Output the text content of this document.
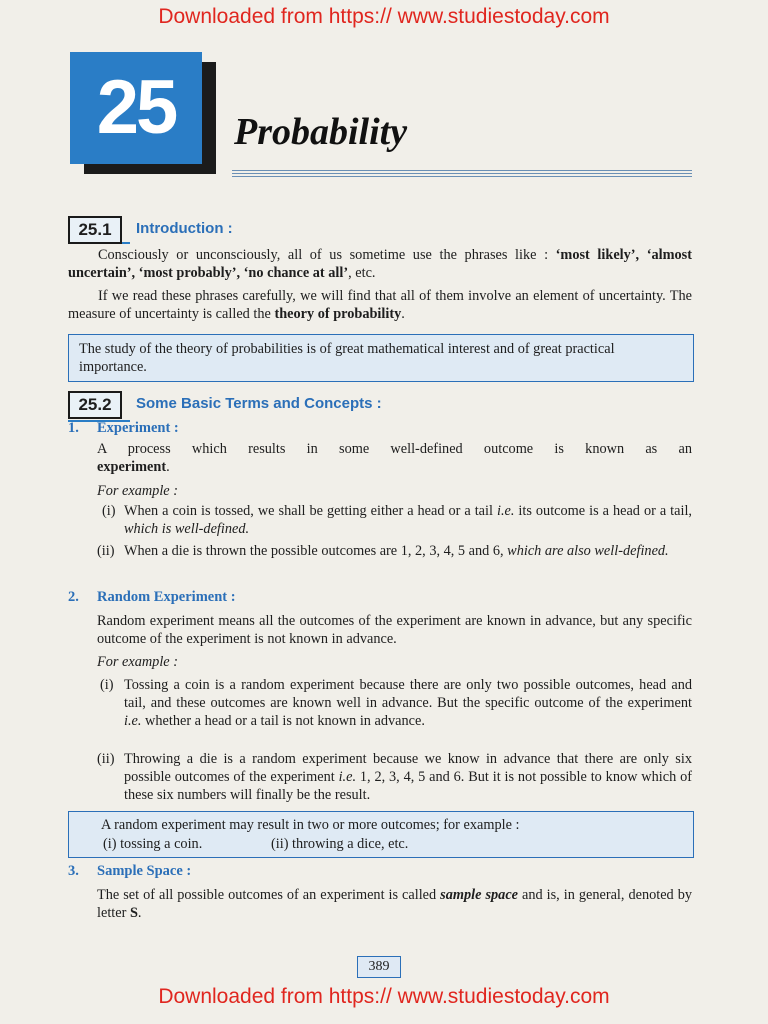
Downloaded from https:// www.studiestoday.com
25	Probability
25.1	Introduction :
Consciously or unconsciously, all of us sometime use the phrases like : ‘most likely’, ‘almost uncertain’, ‘most probably’, ‘no chance at all’, etc.
If we read these phrases carefully, we will find that all of them involve an element of uncertainty. The measure of uncertainty is called the theory of probability.
The study of the theory of probabilities is of great mathematical interest and of great practical importance.
25.2	Some Basic Terms and Concepts :
1. Experiment :
A process which results in some well-defined outcome is known as an
experiment.
For example :
(i) When a coin is tossed, we shall be getting either a head or a tail i.e. its outcome is a head or a tail, which is well-defined.
(ii) When a die is thrown the possible outcomes are 1, 2, 3, 4, 5 and 6, which are also well-defined.
2. Random Experiment :
Random experiment means all the outcomes of the experiment are known in advance, but any specific outcome of the experiment is not known in advance.
For example :
(i) Tossing a coin is a random experiment because there are only two possible outcomes, head and tail, and these outcomes are known well in advance. But the specific outcome of the experiment i.e. whether a head or a tail is not known in advance.
(ii) Throwing a die is a random experiment because we know in advance that there are only six possible outcomes of the experiment i.e. 1, 2, 3, 4, 5 and 6. But it is not possible to know which of these six numbers will finally be the result.
A random experiment may result in two or more outcomes; for example :
(i) tossing a coin.	(ii) throwing a dice, etc.
3. Sample Space :
The set of all possible outcomes of an experiment is called sample space and is, in general, denoted by letter S.
389
Downloaded from https:// www.studiestoday.com
